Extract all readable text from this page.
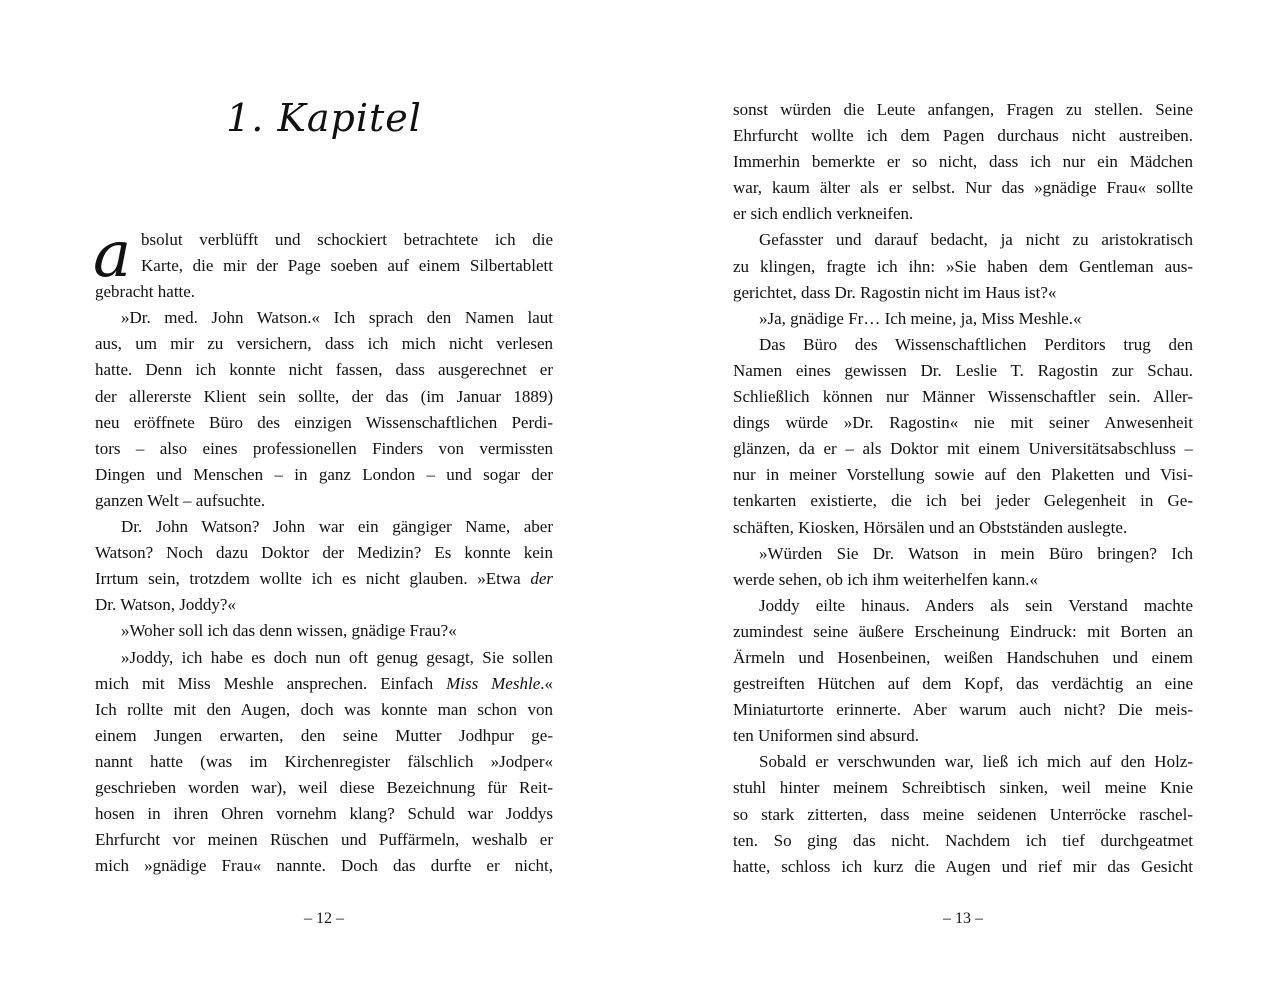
1. Kapitel
a bsolut verblüfft und schockiert betrachtete ich die
Karte, die mir der Page soeben auf einem Silbertablett
gebracht hatte.
»Dr. med. John Watson.« Ich sprach den Namen laut
aus, um mir zu versichern, dass ich mich nicht verlesen
hatte. Denn ich konnte nicht fassen, dass ausgerechnet er
der allererste Klient sein sollte, der das (im Januar 1889)
neu eröffnete Büro des einzigen Wissenschaftlichen Perdi-
tors – also eines professionellen Finders von vermissten
Dingen und Menschen – in ganz London – und sogar der
ganzen Welt – aufsuchte.
Dr. John Watson? John war ein gängiger Name, aber
Watson? Noch dazu Doktor der Medizin? Es konnte kein
Irrtum sein, trotzdem wollte ich es nicht glauben. »Etwa der
Dr. Watson, Joddy?«
»Woher soll ich das denn wissen, gnädige Frau?«
»Joddy, ich habe es doch nun oft genug gesagt, Sie sollen
mich mit Miss Meshle ansprechen. Einfach Miss Meshle.«
Ich rollte mit den Augen, doch was konnte man schon von
einem Jungen erwarten, den seine Mutter Jodhpur ge-
nannt hatte (was im Kirchenregister fälschlich »Jodper«
geschrieben worden war), weil diese Bezeichnung für Reit-
hosen in ihren Ohren vornehm klang? Schuld war Joddys
Ehrfurcht vor meinen Rüschen und Puffärmeln, weshalb er
mich »gnädige Frau« nannte. Doch das durfte er nicht,
– 12 –
sonst würden die Leute anfangen, Fragen zu stellen. Seine
Ehrfurcht wollte ich dem Pagen durchaus nicht austreiben.
Immerhin bemerkte er so nicht, dass ich nur ein Mädchen
war, kaum älter als er selbst. Nur das »gnädige Frau« sollte
er sich endlich verkneifen.
Gefasster und darauf bedacht, ja nicht zu aristokratisch
zu klingen, fragte ich ihn: »Sie haben dem Gentleman aus-
gerichtet, dass Dr. Ragostin nicht im Haus ist?«
»Ja, gnädige Fr… Ich meine, ja, Miss Meshle.«
Das Büro des Wissenschaftlichen Perditors trug den
Namen eines gewissen Dr. Leslie T. Ragostin zur Schau.
Schließlich können nur Männer Wissenschaftler sein. Aller-
dings würde »Dr. Ragostin« nie mit seiner Anwesenheit
glänzen, da er – als Doktor mit einem Universitätsabschluss –
nur in meiner Vorstellung sowie auf den Plaketten und Visi-
tenkarten existierte, die ich bei jeder Gelegenheit in Ge-
schäften, Kiosken, Hörsälen und an Obstständen auslegte.
»Würden Sie Dr. Watson in mein Büro bringen? Ich
werde sehen, ob ich ihm weiterhelfen kann.«
Joddy eilte hinaus. Anders als sein Verstand machte
zumindest seine äußere Erscheinung Eindruck: mit Borten an
Ärmeln und Hosenbeinen, weißen Handschuhen und einem
gestreiften Hütchen auf dem Kopf, das verdächtig an eine
Miniaturtorte erinnerte. Aber warum auch nicht? Die meis-
ten Uniformen sind absurd.
Sobald er verschwunden war, ließ ich mich auf den Holz-
stuhl hinter meinem Schreibtisch sinken, weil meine Knie
so stark zitterten, dass meine seidenen Unterröcke raschel-
ten. So ging das nicht. Nachdem ich tief durchgeatmet
hatte, schloss ich kurz die Augen und rief mir das Gesicht
– 13 –
